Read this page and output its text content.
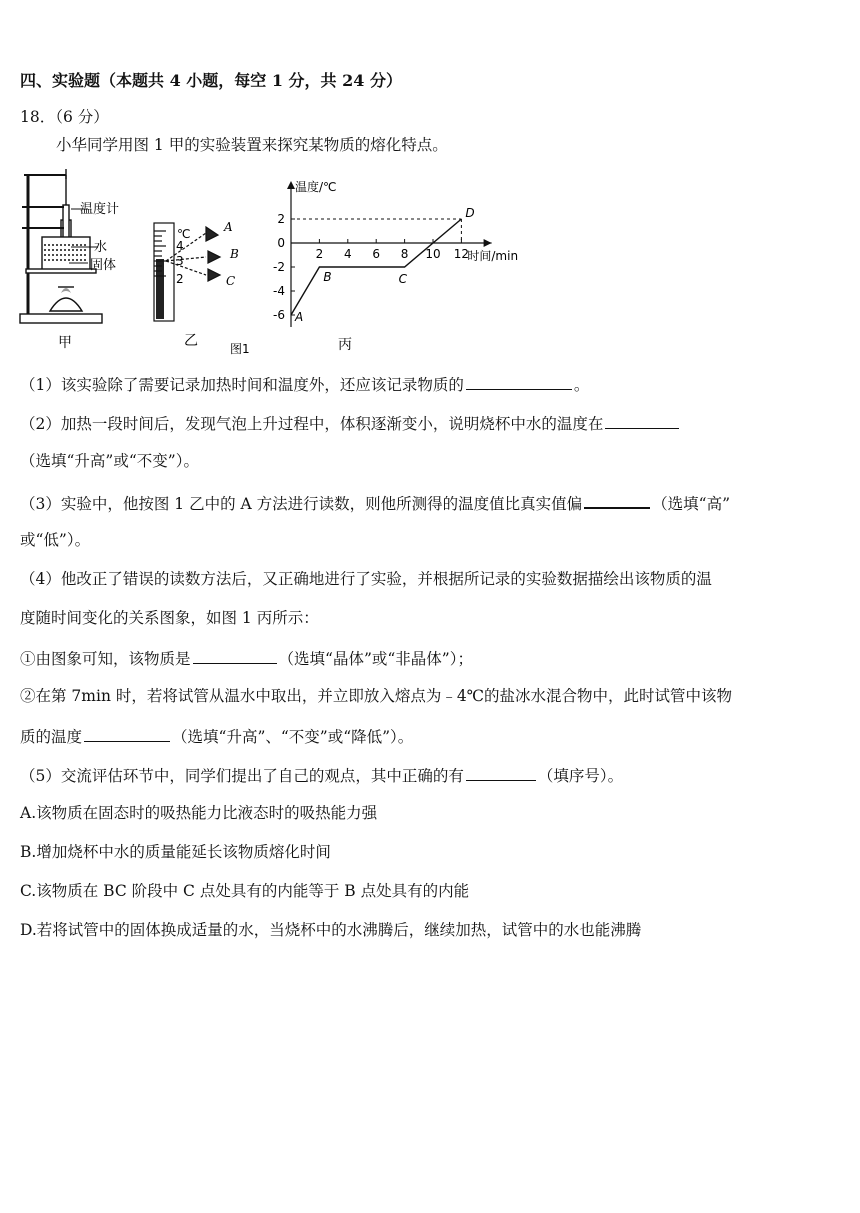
四、实验题（本题共 4 小题，每空 1 分，共 24 分）
18．（6 分）
小华同学用图 1 甲的实验装置来探究某物质的熔化特点。
温度计
水
固体
甲
℃
4
3
2
A
B
C
乙	图1
温度/℃
时间/min
2 4 6 8 10 12
2
0
-2
-4
-6 A
B	C
D
丙
（1）该实验除了需要记录加热时间和温度外，还应该记录物质的	。
（2）加热一段时间后，发现气泡上升过程中，体积逐渐变小，说明烧杯中水的温度在
（选填“升高”或“不变”）。
（3）实验中，他按图 1 乙中的 A 方法进行读数，则他所测得的温度值比真实值偏	（选填“高”
或“低”）。
（4）他改正了错误的读数方法后，又正确地进行了实验，并根据所记录的实验数据描绘出该物质的温
度随时间变化的关系图象，如图 1 丙所示：
①由图象可知，该物质是	（选填“晶体”或“非晶体”）；
②在第 7min 时，若将试管从温水中取出，并立即放入熔点为﹣4℃的盐冰水混合物中，此时试管中该物
质的温度	（选填“升高”、“不变”或“降低”）。
（5）交流评估环节中，同学们提出了自己的观点，其中正确的有	（填序号）。
A.该物质在固态时的吸热能力比液态时的吸热能力强
B.增加烧杯中水的质量能延长该物质熔化时间
C.该物质在 BC 阶段中 C 点处具有的内能等于 B 点处具有的内能
D.若将试管中的固体换成适量的水，当烧杯中的水沸腾后，继续加热，试管中的水也能沸腾
